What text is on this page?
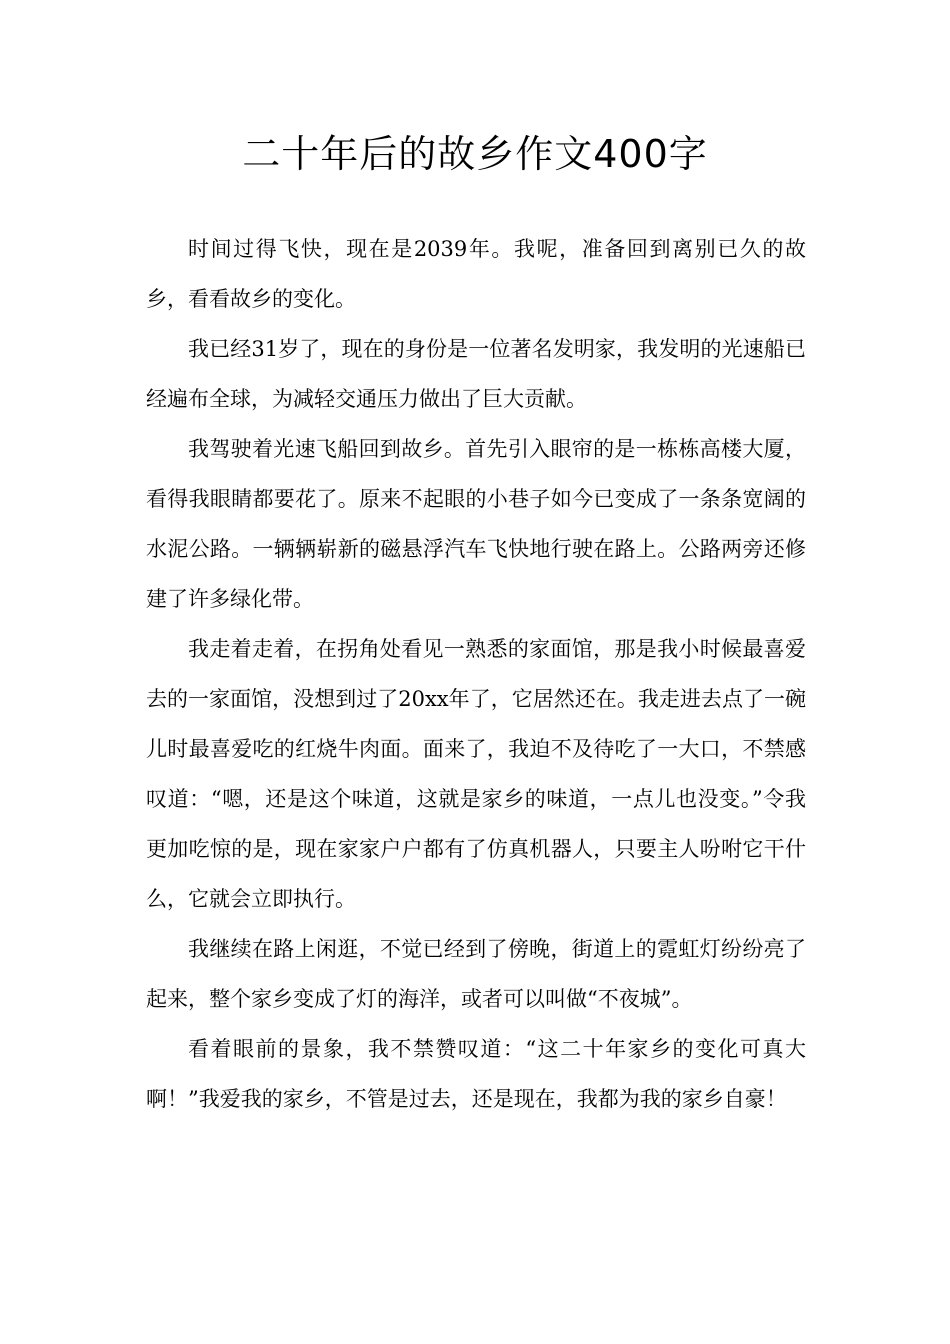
二十年后的故乡作文400字

时间过得飞快，现在是2039年。我呢，准备回到离别已久的故乡，看看故乡的变化。

我已经31岁了，现在的身份是一位著名发明家，我发明的光速船已经遍布全球，为减轻交通压力做出了巨大贡献。

我驾驶着光速飞船回到故乡。首先引入眼帘的是一栋栋高楼大厦，看得我眼睛都要花了。原来不起眼的小巷子如今已变成了一条条宽阔的水泥公路。一辆辆崭新的磁悬浮汽车飞快地行驶在路上。公路两旁还修建了许多绿化带。

我走着走着，在拐角处看见一熟悉的家面馆，那是我小时候最喜爱去的一家面馆，没想到过了20xx年了，它居然还在。我走进去点了一碗儿时最喜爱吃的红烧牛肉面。面来了，我迫不及待吃了一大口，不禁感叹道：“嗯，还是这个味道，这就是家乡的味道，一点儿也没变。”令我更加吃惊的是，现在家家户户都有了仿真机器人，只要主人吩咐它干什么，它就会立即执行。

我继续在路上闲逛，不觉已经到了傍晚，街道上的霓虹灯纷纷亮了起来，整个家乡变成了灯的海洋，或者可以叫做“不夜城”。

看着眼前的景象，我不禁赞叹道：“这二十年家乡的变化可真大啊！”我爱我的家乡，不管是过去，还是现在，我都为我的家乡自豪！
